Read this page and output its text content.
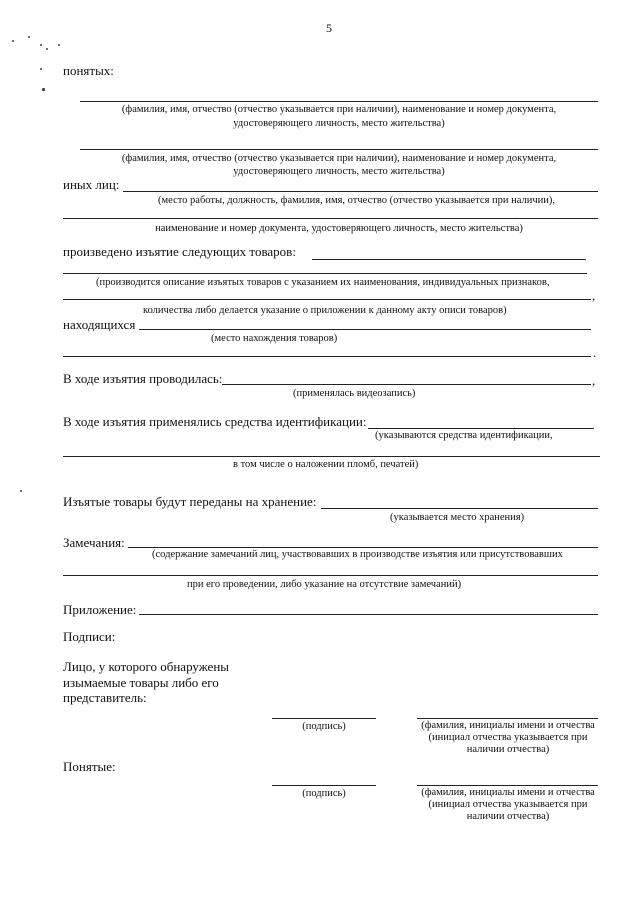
5
понятых:
(фамилия, имя, отчество (отчество указывается при наличии), наименование и номер документа,
удостоверяющего личность, место жительства)
(фамилия, имя, отчество (отчество указывается при наличии), наименование и номер документа,
удостоверяющего личность, место жительства)
иных лиц:
(место работы, должность, фамилия, имя, отчество (отчество указывается при наличии),
наименование и номер документа, удостоверяющего личность, место жительства)
произведено изъятие следующих товаров:
(производится описание изъятых товаров с указанием их наименования, индивидуальных признаков,
,
количества либо делается указание о приложении к данному акту описи товаров)
находящихся
(место нахождения товаров)
.
В ходе изъятия проводилась:	,
(применялась видеозапись)
В ходе изъятия применялись средства идентификации:
(указываются средства идентификации,
в том числе о наложении пломб, печатей)
Изъятые товары будут переданы на хранение:
(указывается место хранения)
Замечания:
(содержание замечаний лиц, участвовавших в производстве изъятия или присутствовавших
при его проведении, либо указание на отсутствие замечаний)
Приложение:
Подписи:
Лицо, у которого обнаружены
изымаемые товары либо его
представитель:
(подпись)	(фамилия, инициалы имени и отчества
(инициал отчества указывается при
наличии отчества)
Понятые:
(подпись)	(фамилия, инициалы имени и отчества
(инициал отчества указывается при
наличии отчества)
